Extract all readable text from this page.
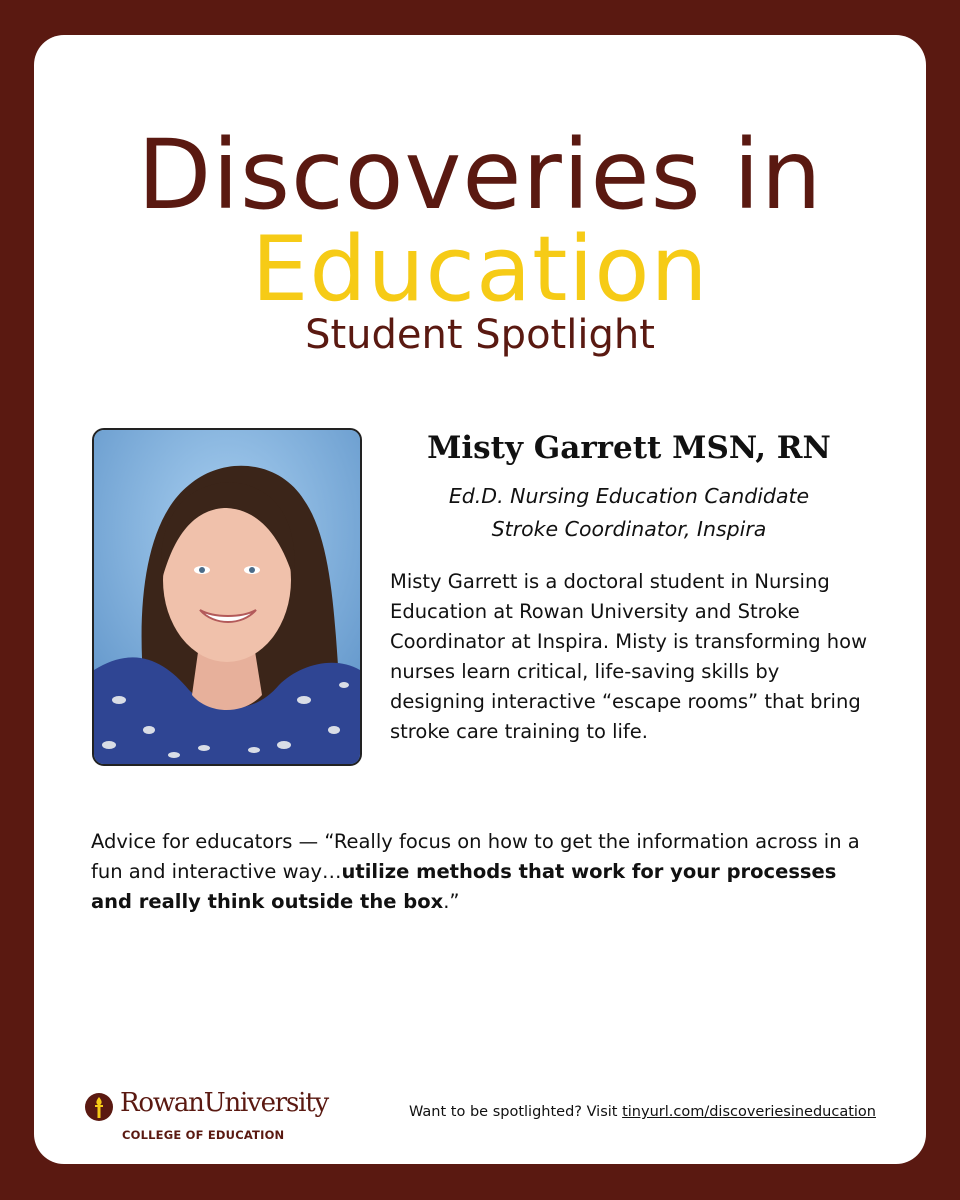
Discoveries in
Education
Student Spotlight
Misty Garrett MSN, RN
Ed.D. Nursing Education Candidate
Stroke Coordinator, Inspira
Misty Garrett is a doctoral student in Nursing Education at Rowan University and Stroke Coordinator at Inspira. Misty is transforming how nurses learn critical, life-saving skills by designing interactive “escape rooms” that bring stroke care training to life.
Advice for educators — “Really focus on how to get the information across in a fun and interactive way…utilize methods that work for your processes and really think outside the box.”
RowanUniversity
COLLEGE OF EDUCATION
Want to be spotlighted? Visit tinyurl.com/discoveriesineducation
